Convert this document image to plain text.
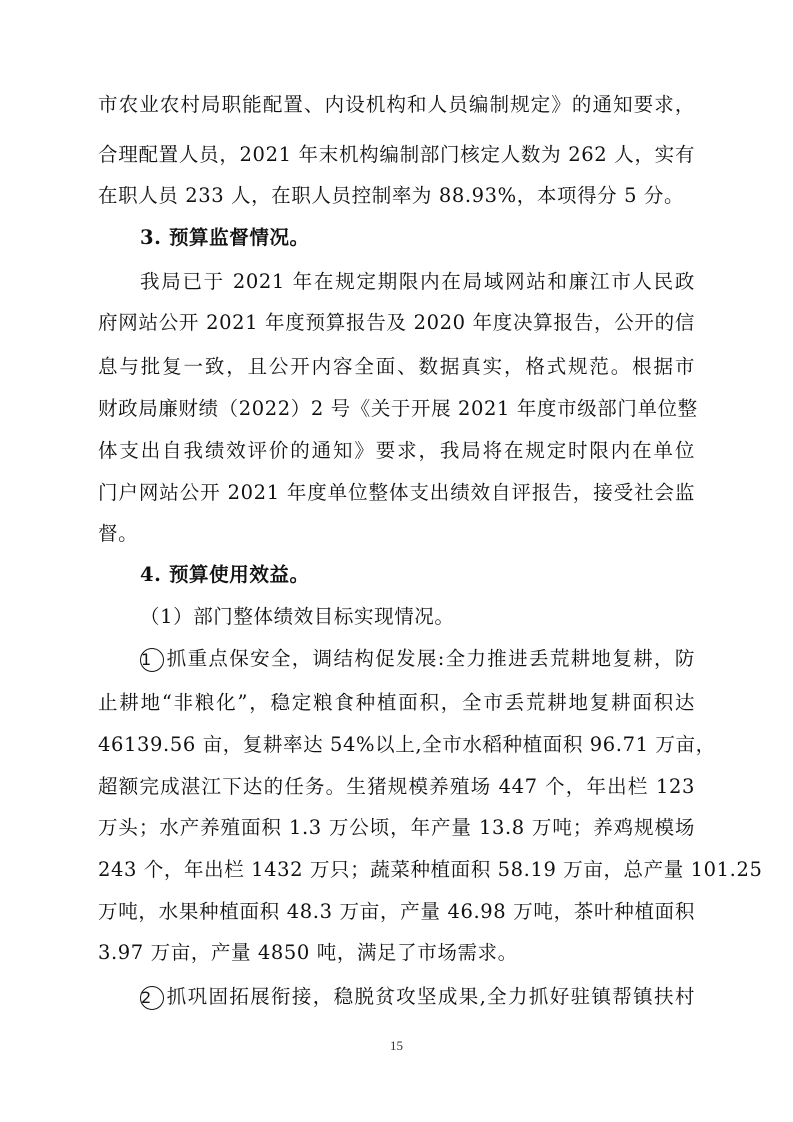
市农业农村局职能配置、内设机构和人员编制规定》的通知要求，
合理配置人员，2021 年末机构编制部门核定人数为 262 人，实有
在职人员 233 人，在职人员控制率为 88.93%，本项得分 5 分。
3. 预算监督情况。
我局已于 2021 年在规定期限内在局域网站和廉江市人民政
府网站公开 2021 年度预算报告及 2020 年度决算报告，公开的信
息与批复一致，且公开内容全面、数据真实，格式规范。根据市
财政局廉财绩（2022）2 号《关于开展 2021 年度市级部门单位整
体支出自我绩效评价的通知》要求，我局将在规定时限内在单位
门户网站公开 2021 年度单位整体支出绩效自评报告，接受社会监
督。
4. 预算使用效益。
（1）部门整体绩效目标实现情况。
1 抓重点保安全，调结构促发展:全力推进丢荒耕地复耕，防
止耕地“非粮化”，稳定粮食种植面积，全市丢荒耕地复耕面积达
46139.56 亩，复耕率达 54%以上,全市水稻种植面积 96.71 万亩，
超额完成湛江下达的任务。生猪规模养殖场 447 个，年出栏 123
万头；水产养殖面积 1.3 万公顷，年产量 13.8 万吨；养鸡规模场
243 个，年出栏 1432 万只；蔬菜种植面积 58.19 万亩，总产量 101.25
万吨，水果种植面积 48.3 万亩，产量 46.98 万吨，茶叶种植面积
3.97 万亩，产量 4850 吨，满足了市场需求。
2 抓巩固拓展衔接，稳脱贫攻坚成果,全力抓好驻镇帮镇扶村
15
